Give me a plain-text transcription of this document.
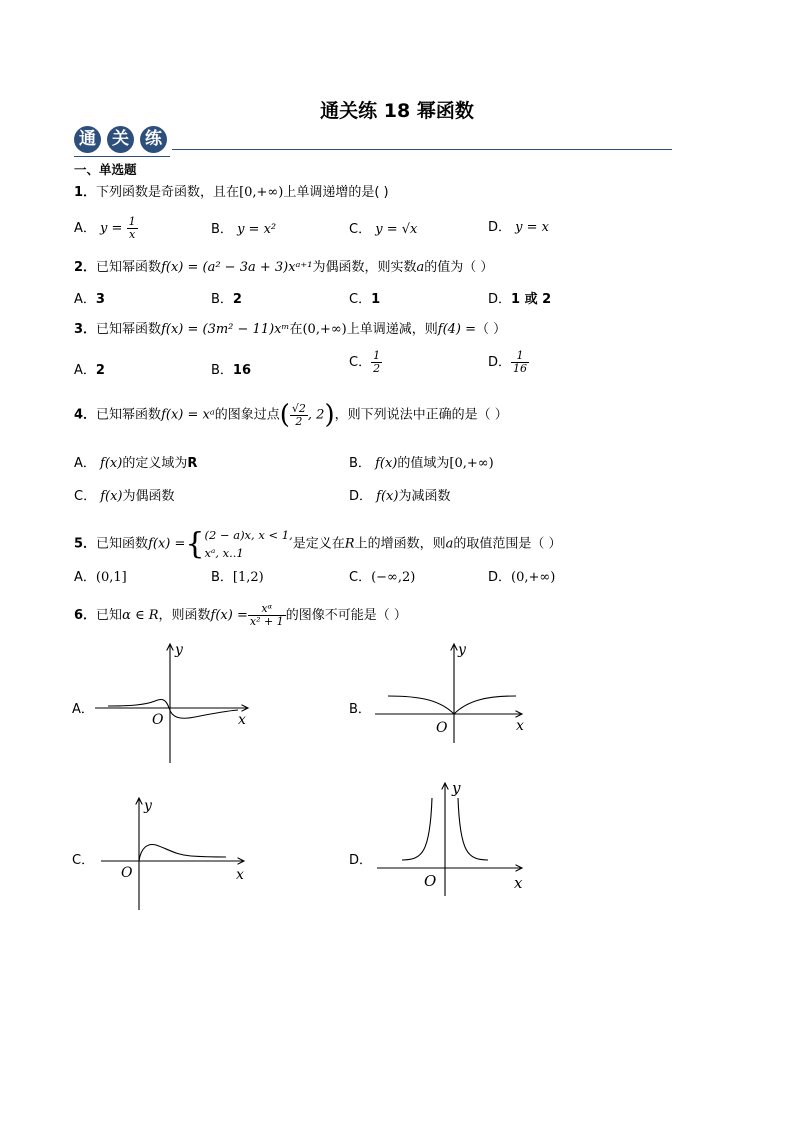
通关练 18 幂函数
通 关 练
一、单选题
1．下列函数是奇函数，且在[0,+∞)上单调递增的是( )
A． $y = \frac{1}{x}$	B． y = x²	C． y = √x	D． y = x
2．已知幂函数f(x) = (a² − 3a + 3)xᵃ⁺¹为偶函数，则实数a的值为（ ）
A．3	B．2	C．1	D．1 或 2
3．已知幂函数f(x) = (3m² − 11)xᵐ在(0,+∞)上单调递减，则f(4) =（ ）
A．2	B．16
C． $\frac{1}{2}$	D． $\frac{1}{16}$
4．已知幂函数f(x) = xᵃ的图象过点( $\frac{√2}{2}$ , 2)，则下列说法中正确的是（ ）
A． f(x)的定义域为R	B． f(x)的值域为[0,+∞)
C． f(x)为偶函数	D． f(x)为减函数
5．已知函数f(x) ={ (2 − a)x, x < 1,
xᵃ, x..1
是定义在R上的增函数，则a的取值范围是（ ）
A．(0,1]	B．[1,2)	C．(−∞,2)	D．(0,+∞)
6．已知α ∈ R，则函数$f(x) = \frac{\text{xᵅ}}{\text{x² + 1}}$ 的图像不可能是（ ）
A．	B．
C．	D．
y
x
O
y
x
O
y
x
O
y
x
O
